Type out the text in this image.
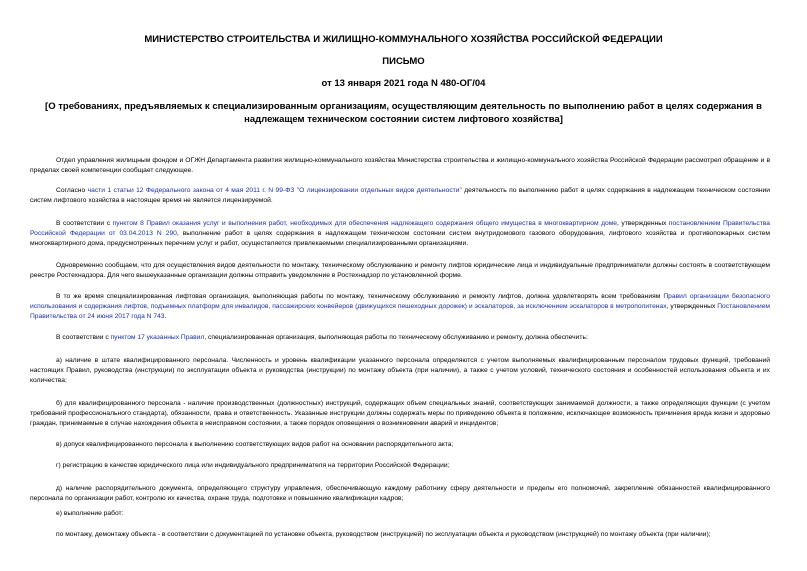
МИНИСТЕРСТВО СТРОИТЕЛЬСТВА И ЖИЛИЩНО-КОММУНАЛЬНОГО ХОЗЯЙСТВА РОССИЙСКОЙ ФЕДЕРАЦИИ
ПИСЬМО
от 13 января 2021 года N 480-ОГ/04
[О требованиях, предъявляемых к специализированным организациям, осуществляющим деятельность по выполнению работ в целях содержания в надлежащем техническом состоянии систем лифтового хозяйства]

Отдел управления жилищным фондом и ОГЖН Департамента развития жилищно-коммунального хозяйства Министерства строительства и жилищно-коммунального хозяйства Российской Федерации рассмотрел обращение и в пределах своей компетенции сообщает следующее.

Согласно части 1 статьи 12 Федерального закона от 4 мая 2011 г. N 99-ФЗ "О лицензировании отдельных видов деятельности" деятельность по выполнению работ в целях содержания в надлежащем техническом состоянии систем лифтового хозяйства в настоящее время не является лицензируемой.

В соответствии с пунктом 8 Правил оказания услуг и выполнения работ, необходимых для обеспечения надлежащего содержания общего имущества в многоквартирном доме, утвержденных постановлением Правительства Российской Федерации от 03.04.2013 N 290, выполнение работ в целях содержания в надлежащем техническом состоянии систем внутридомового газового оборудования, лифтового хозяйства и противопожарных систем многоквартирного дома, предусмотренных перечнем услуг и работ, осуществляется привлекаемыми специализированными организациями.

Одновременно сообщаем, что для осуществления видов деятельности по монтажу, техническому обслуживанию и ремонту лифтов юридические лица и индивидуальные предприниматели должны состоять в соответствующем реестре Ростехнадзора. Для чего вышеуказанные организации должны отправить уведомление в Ростехнадзор по установленной форме.

В то же время специализированная лифтовая организация, выполняющая работы по монтажу, техническому обслуживанию и ремонту лифтов, должна удовлетворять всем требованиям Правил организации безопасного использования и содержания лифтов, подъемных платформ для инвалидов, пассажирских конвейеров (движущихся пешеходных дорожек) и эскалаторов, за исключением эскалаторов в метрополитенах, утвержденных Постановлением Правительства от 24 июня 2017 года N 743.

В соответствии с пунктом 17 указанных Правил, специализированная организация, выполняющая работы по техническому обслуживанию и ремонту, должна обеспечить:

а) наличие в штате квалифицированного персонала. Численность и уровень квалификации указанного персонала определяются с учетом выполняемых квалифицированным персоналом трудовых функций, требований настоящих Правил, руководства (инструкции) по эксплуатации объекта и руководства (инструкции) по монтажу объекта (при наличии), а также с учетом условий, технического состояния и особенностей использования объекта и их количества;

б) для квалифицированного персонала - наличие производственных (должностных) инструкций, содержащих объем специальных знаний, соответствующих занимаемой должности, а также определяющих функции (с учетом требований профессионального стандарта), обязанности, права и ответственность. Указанные инструкции должны содержать меры по приведению объекта в положение, исключающее возможность причинения вреда жизни и здоровью граждан, принимаемые в случае нахождения объекта в неисправном состоянии, а также порядок оповещения о возникновении аварий и инцидентов;

в) допуск квалифицированного персонала к выполнению соответствующих видов работ на основании распорядительного акта;

г) регистрацию в качестве юридического лица или индивидуального предпринимателя на территории Российской Федерации;

д) наличие распорядительного документа, определяющего структуру управления, обеспечивающую каждому работнику сферу деятельности и пределы его полномочий, закрепление обязанностей квалифицированного персонала по организации работ, контролю их качества, охране труда, подготовке и повышению квалификации кадров;

е) выполнение работ:

по монтажу, демонтажу объекта - в соответствии с документацией по установке объекта, руководством (инструкцией) по эксплуатации объекта и руководством (инструкцией) по монтажу объекта (при наличии);
